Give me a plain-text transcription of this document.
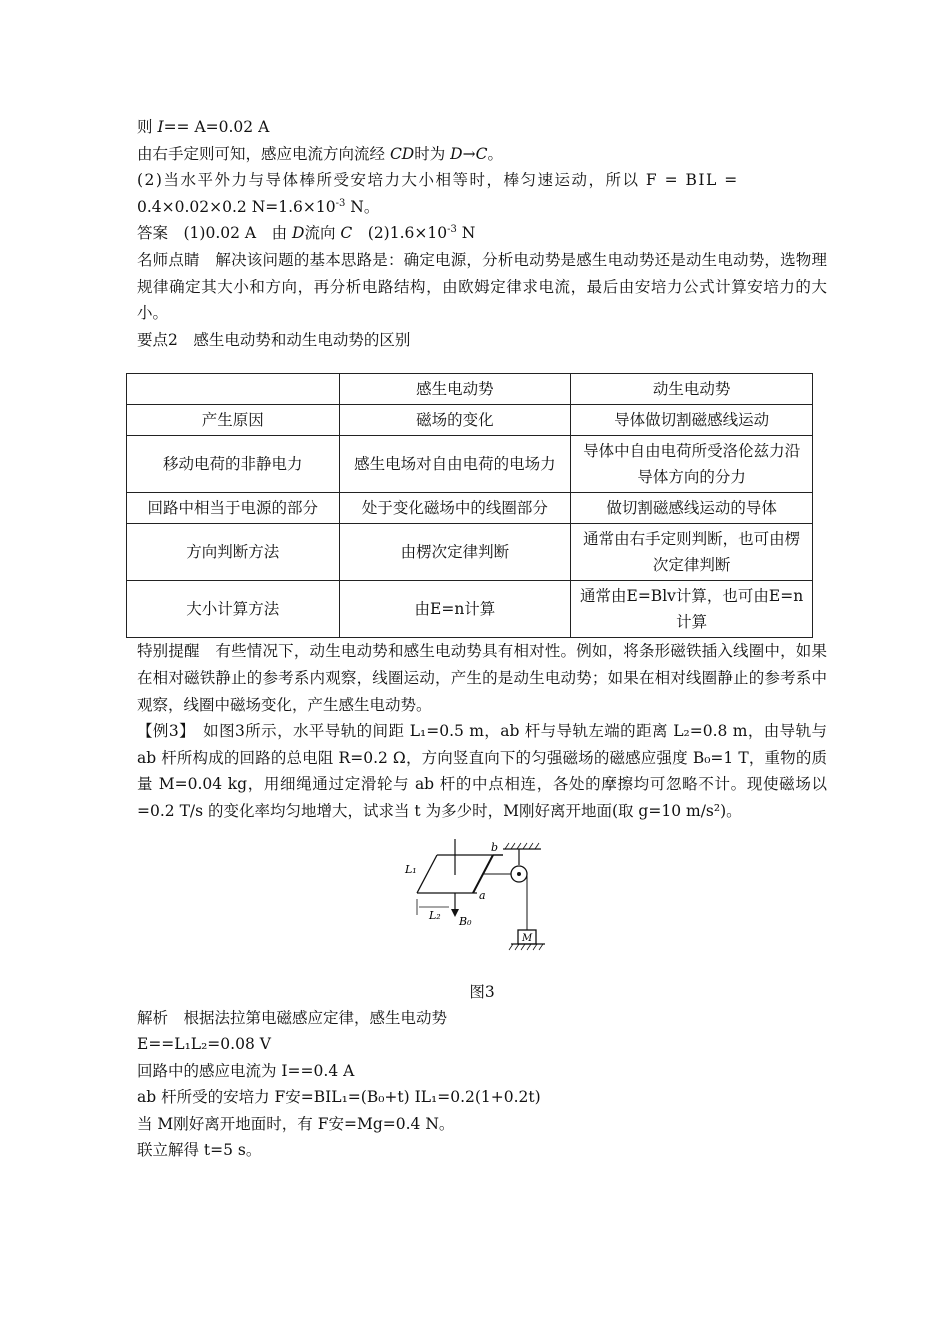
则 I== A=0.02 A
由右手定则可知，感应电流方向流经 CD时为 D→C。
(2)当水平外力与导体棒所受安培力大小相等时，棒匀速运动，所以 F = BIL =
0.4×0.02×0.2 $N=1.6\times 10^{-3}$ N。
答案　(1)0.02 A　由 D流向 C　$(2)1.6\times 10^{-3}$ N
名师点睛　解决该问题的基本思路是：确定电源，分析电动势是感生电动势还是动生电动势，选物理规律确定其大小和方向，再分析电路结构，由欧姆定律求电流，最后由安培力公式计算安培力的大小。
要点2　感生电动势和动生电动势的区别
	感生电动势	动生电动势
产生原因	磁场的变化	导体做切割磁感线运动
移动电荷的非静电力	感生电场对自由电荷的电场力	导体中自由电荷所受洛伦兹力沿导体方向的分力
回路中相当于电源的部分	处于变化磁场中的线圈部分	做切割磁感线运动的导体
方向判断方法	由楞次定律判断	通常由右手定则判断，也可由楞次定律判断
大小计算方法	由E=n计算	通常由E=Blv计算，也可由E=n计算
特别提醒　有些情况下，动生电动势和感生电动势具有相对性。例如，将条形磁铁插入线圈中，如果在相对磁铁静止的参考系内观察，线圈运动，产生的是动生电动势；如果在相对线圈静止的参考系中观察，线圈中磁场变化，产生感生电动势。
【例3】　如图3所示，水平导轨的间距 L₁=0.5 m，ab 杆与导轨左端的距离 L₂=0.8 m，由导轨与 ab 杆所构成的回路的总电阻 R=0.2 Ω，方向竖直向下的匀强磁场的磁感应强度 B₀=1 T，重物的质量 M=0.04 kg，用细绳通过定滑轮与 ab 杆的中点相连，各处的摩擦均可忽略不计。现使磁场以=0.2 T/s 的变化率均匀地增大，试求当 t 为多少时，M刚好离开地面(取 g=10 m/s²)。
L₁
L₂ B₀
a
b
M
图3
解析　根据法拉第电磁感应定律，感生电动势
E==L₁L₂=0.08 V
回路中的感应电流为 I==0.4 A
ab 杆所受的安培力 F安=BIL₁=(B₀+t) IL₁=0.2(1+0.2t)
当 M刚好离开地面时，有 F安=Mg=0.4 N。
联立解得 t=5 s。
